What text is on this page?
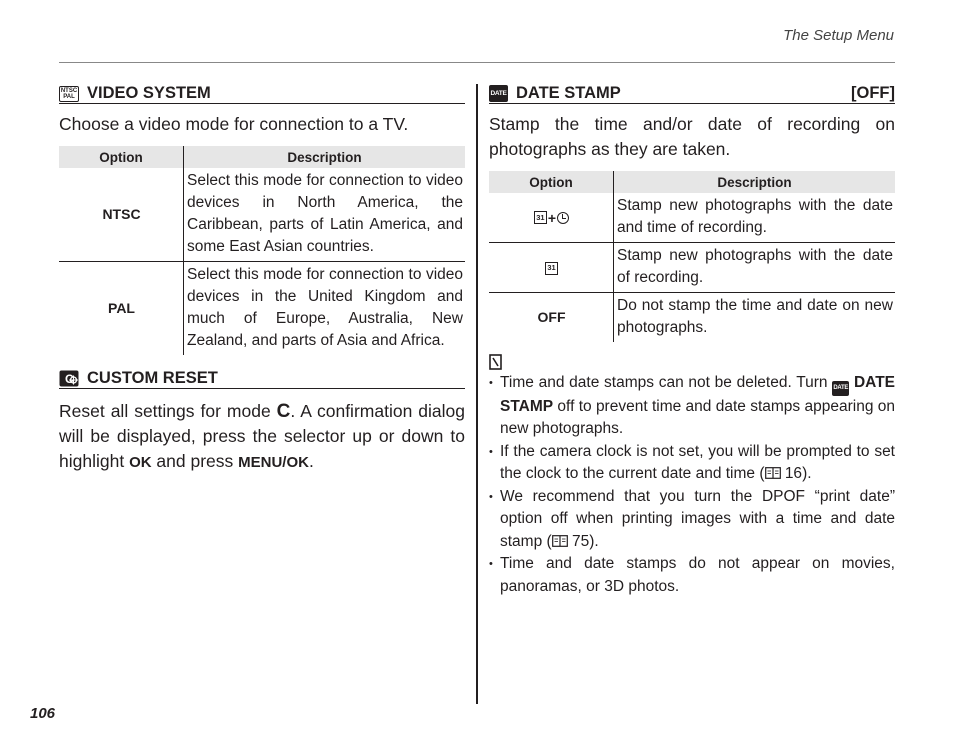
The Setup Menu
106
NTSC
PAL VIDEO SYSTEM
Choose a video mode for connection to a TV.
Option	Description
NTSC	Select this mode for connection to video devices in North America, the Caribbean, parts of Latin America, and some East Asian countries.
PAL	Select this mode for connection to video devices in the United Kingdom and much of Europe, Australia, New Zealand, and parts of Asia and Africa.
C CUSTOM RESET
Reset all settings for mode C. A confirmation dialog will be displayed, press the selector up or down to highlight OK and press MENU/OK.
DATE DATE STAMP	[OFF]
Stamp the time and/or date of recording on photographs as they are taken.
Option	Description
31 +	Stamp new photographs with the date and time of recording.
31	Stamp new photographs with the date of recording.
OFF	Do not stamp the time and date on new photographs.
• Time and date stamps can not be deleted. Turn DATE DATE STAMP off to prevent time and date stamps appearing on new photographs.
• If the camera clock is not set, you will be prompted to set the clock to the current date and time ( 16).
• We recommend that you turn the DPOF “print date” option off when printing images with a time and date stamp ( 75).
• Time and date stamps do not appear on movies, panoramas, or 3D photos.
